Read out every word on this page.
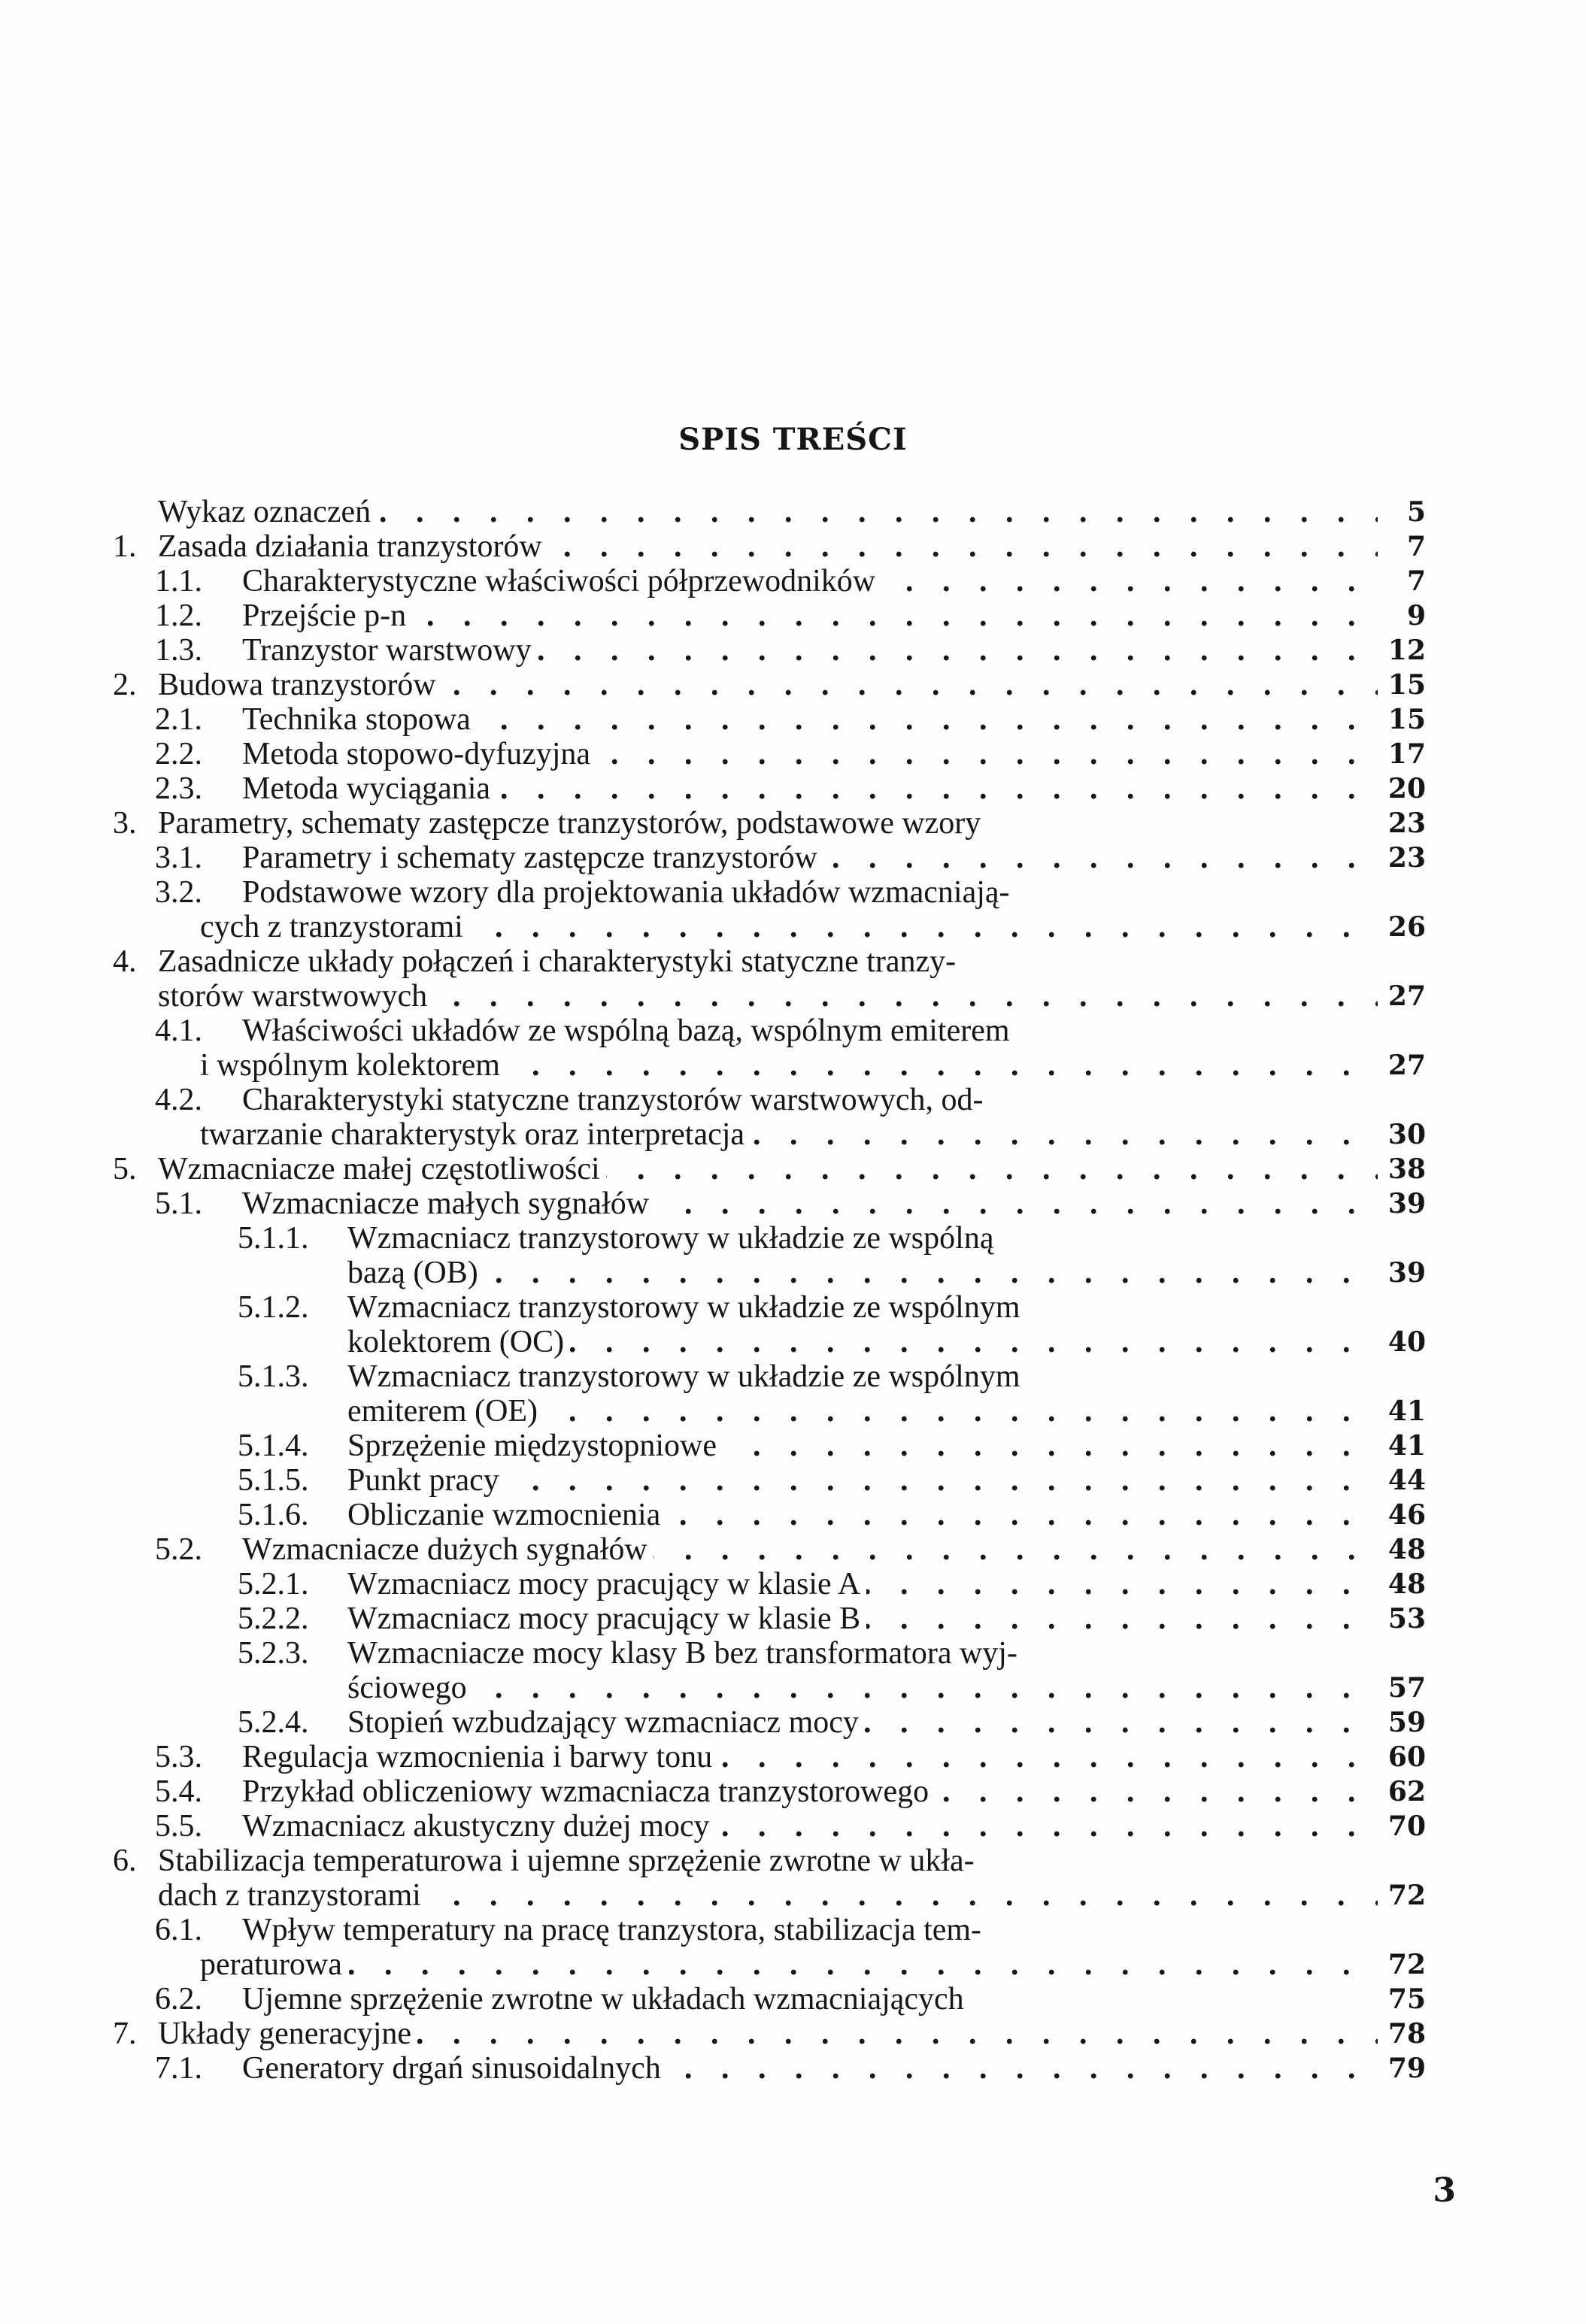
SPIS TREŚCI
Wykaz oznaczeń . . .	5
1. Zasada działania tranzystorów . . .	7
1.1.	Charakterystyczne właściwości półprzewodników . . .	7
1.2.	Przejście p-n . . .	9
1.3.	Tranzystor warstwowy . . .	12
2. Budowa tranzystorów . . .	15
2.1.	Technika stopowa . . .	15
2.2.	Metoda stopowo-dyfuzyjna . . .	17
2.3.	Metoda wyciągania . . .	20
3. Parametry, schematy zastępcze tranzystorów, podstawowe wzory	23
3.1.	Parametry i schematy zastępcze tranzystorów . . .	23
3.2.	Podstawowe wzory dla projektowania układów wzmacniają-
cych z tranzystorami . . .	26
4. Zasadnicze układy połączeń i charakterystyki statyczne tranzy-
storów warstwowych . . .	27
4.1.	Właściwości układów ze wspólną bazą, wspólnym emiterem
i wspólnym kolektorem . . .	27
4.2.	Charakterystyki statyczne tranzystorów warstwowych, od-
twarzanie charakterystyk oraz interpretacja . . .	30
5. Wzmacniacze małej częstotliwości . . .	38
5.1.	Wzmacniacze małych sygnałów . . .	39
5.1.1.	Wzmacniacz tranzystorowy w układzie ze wspólną
bazą (OB) . . .	39
5.1.2.	Wzmacniacz tranzystorowy w układzie ze wspólnym
kolektorem (OC) . . .	40
5.1.3.	Wzmacniacz tranzystorowy w układzie ze wspólnym
emiterem (OE) . . .	41
5.1.4.	Sprzężenie międzystopniowe . . .	41
5.1.5.	Punkt pracy . . .	44
5.1.6.	Obliczanie wzmocnienia . . .	46
5.2.	Wzmacniacze dużych sygnałów . . .	48
5.2.1.	Wzmacniacz mocy pracujący w klasie A . . .	48
5.2.2.	Wzmacniacz mocy pracujący w klasie B . . .	53
5.2.3.	Wzmacniacze mocy klasy B bez transformatora wyj-
ściowego . . .	57
5.2.4.	Stopień wzbudzający wzmacniacz mocy . . .	59
5.3.	Regulacja wzmocnienia i barwy tonu . . .	60
5.4.	Przykład obliczeniowy wzmacniacza tranzystorowego . . .	62
5.5.	Wzmacniacz akustyczny dużej mocy . . .	70
6. Stabilizacja temperaturowa i ujemne sprzężenie zwrotne w ukła-
dach z tranzystorami . . .	72
6.1.	Wpływ temperatury na pracę tranzystora, stabilizacja tem-
peraturowa . . .	72
6.2.	Ujemne sprzężenie zwrotne w układach wzmacniających	75
7. Układy generacyjne . . .	78
7.1.	Generatory drgań sinusoidalnych . . .	79
3
